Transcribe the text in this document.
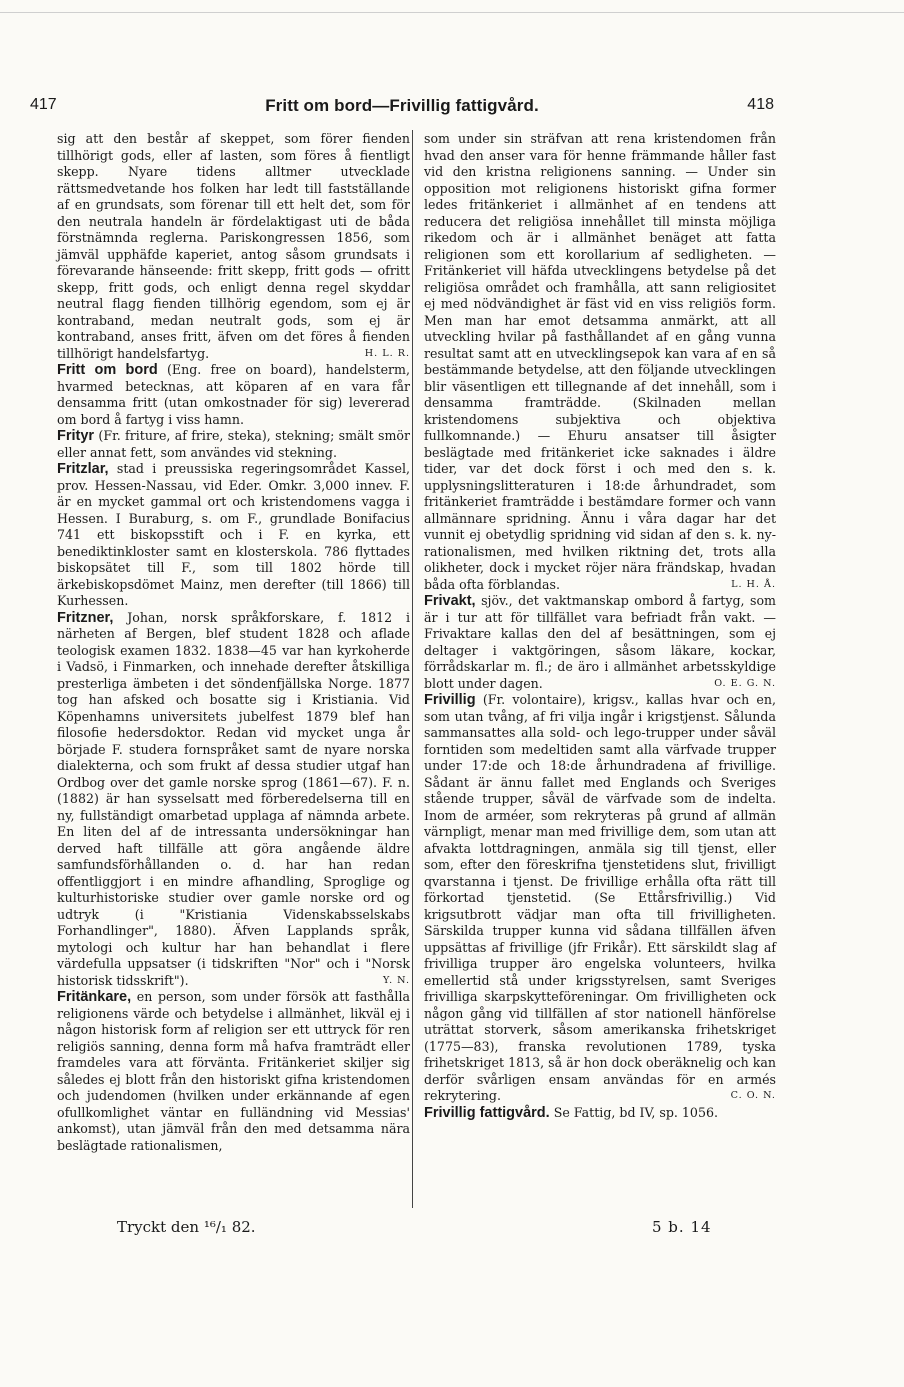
417	Fritt om bord—Frivillig fattigvård.	418

sig att den består af skeppet, som förer fienden tillhörigt gods, eller af lasten, som föres å fientligt skepp. Nyare tidens alltmer utvecklade rättsmedvetande hos folken har ledt till fastställande af en grundsats, som förenar till ett helt det, som för den neutrala handeln är fördelaktigast uti de båda förstnämnda reglerna. Pariskongressen 1856, som jämväl upphäfde kaperiet, antog såsom grundsats i förevarande hänseende: fritt skepp, fritt gods — ofritt skepp, fritt gods, och enligt denna regel skyddar neutral flagg fienden tillhörig egendom, som ej är kontraband, medan neutralt gods, som ej är kontraband, anses fritt, äfven om det föres å fienden tillhörigt handelsfartyg.	H. L. R.

Fritt om bord (Eng. free on board), handelsterm, hvarmed betecknas, att köparen af en vara får densamma fritt (utan omkostnader för sig) levererad om bord å fartyg i viss hamn.

Frityr (Fr. friture, af frire, steka), stekning; smält smör eller annat fett, som användes vid stekning.

Fritzlar, stad i preussiska regeringsområdet Kassel, prov. Hessen-Nassau, vid Eder. Omkr. 3,000 innev. F. är en mycket gammal ort och kristendomens vagga i Hessen. I Buraburg, s. om F., grundlade Bonifacius 741 ett biskopsstift och i F. en kyrka, ett benediktinkloster samt en klosterskola. 786 flyttades biskopsätet till F., som till 1802 hörde till ärkebiskopsdömet Mainz, men derefter (till 1866) till Kurhessen.

Fritzner, Johan, norsk språkforskare, f. 1812 i närheten af Bergen, blef student 1828 och aflade teologisk examen 1832. 1838—45 var han kyrkoherde i Vadsö, i Finmarken, och innehade derefter åtskilliga presterliga ämbeten i det söndenfjällska Norge. 1877 tog han afsked och bosatte sig i Kristiania. Vid Köpenhamns universitets jubelfest 1879 blef han filosofie hedersdoktor. Redan vid mycket unga år började F. studera fornspråket samt de nyare norska dialekterna, och som frukt af dessa studier utgaf han Ordbog over det gamle norske sprog (1861—67). F. n. (1882) är han sysselsatt med förberedelserna till en ny, fullständigt omarbetad upplaga af nämnda arbete. En liten del af de intressanta undersökningar han derved haft tillfälle att göra angående äldre samfundsförhållanden o. d. har han redan offentliggjort i en mindre afhandling, Sproglige og kulturhistoriske studier over gamle norske ord og udtryk (i "Kristiania Videnskabsselskabs Forhandlinger", 1880). Äfven Lapplands språk, mytologi och kultur har han behandlat i flere värdefulla uppsatser (i tidskriften "Nor" och i "Norsk historisk tidsskrift").	Y. N.

Fritänkare, en person, som under försök att fasthålla religionens värde och betydelse i allmänhet, likväl ej i någon historisk form af religion ser ett uttryck för ren religiös sanning, denna form må hafva framträdt eller framdeles vara att förvänta. Fritänkeriet skiljer sig således ej blott från den historiskt gifna kristendomen och judendomen (hvilken under erkännande af egen ofullkomlighet väntar en fulländning vid Messias' ankomst), utan jämväl från den med detsamma nära beslägtade rationalismen,

som under sin sträfvan att rena kristendomen från hvad den anser vara för henne främmande håller fast vid den kristna religionens sanning. — Under sin opposition mot religionens historiskt gifna former ledes fritänkeriet i allmänhet af en tendens att reducera det religiösa innehållet till minsta möjliga rikedom och är i allmänhet benäget att fatta religionen som ett korollarium af sedligheten. — Fritänkeriet vill häfda utvecklingens betydelse på det religiösa området och framhålla, att sann religiositet ej med nödvändighet är fäst vid en viss religiös form. Men man har emot detsamma anmärkt, att all utveckling hvilar på fasthållandet af en gång vunna resultat samt att en utvecklingsepok kan vara af en så bestämmande betydelse, att den följande utvecklingen blir väsentligen ett tillegnande af det innehåll, som i densamma framträdde. (Skilnaden mellan kristendomens subjektiva och objektiva fullkomnande.) — Ehuru ansatser till åsigter beslägtade med fritänkeriet icke saknades i äldre tider, var det dock först i och med den s. k. upplysningslitteraturen i 18:de århundradet, som fritänkeriet framträdde i bestämdare former och vann allmännare spridning. Ännu i våra dagar har det vunnit ej obetydlig spridning vid sidan af den s. k. ny-rationalismen, med hvilken riktning det, trots alla olikheter, dock i mycket röjer nära frändskap, hvadan båda ofta förblandas.	L. H. Å.

Frivakt, sjöv., det vaktmanskap ombord å fartyg, som är i tur att för tillfället vara befriadt från vakt. — Frivaktare kallas den del af besättningen, som ej deltager i vaktgöringen, såsom läkare, kockar, förrådskarlar m. fl.; de äro i allmänhet arbetsskyldige blott under dagen.	O. E. G. N.

Frivillig (Fr. volontaire), krigsv., kallas hvar och en, som utan tvång, af fri vilja ingår i krigstjenst. Sålunda sammansattes alla sold- och lego-trupper under såväl forntiden som medeltiden samt alla värfvade trupper under 17:de och 18:de århundradena af frivillige. Sådant är ännu fallet med Englands och Sveriges stående trupper, såväl de värfvade som de indelta. Inom de arméer, som rekryteras på grund af allmän värnpligt, menar man med frivillige dem, som utan att afvakta lottdragningen, anmäla sig till tjenst, eller som, efter den föreskrifna tjenstetidens slut, frivilligt qvarstanna i tjenst. De frivillige erhålla ofta rätt till förkortad tjenstetid. (Se Ettårsfrivillig.) Vid krigsutbrott vädjar man ofta till frivilligheten. Särskilda trupper kunna vid sådana tillfällen äfven uppsättas af frivillige (jfr Frikår). Ett särskildt slag af frivilliga trupper äro engelska volunteers, hvilka emellertid stå under krigsstyrelsen, samt Sveriges frivilliga skarpskytteföreningar. Om frivilligheten ock någon gång vid tillfällen af stor nationell hänförelse uträttat storverk, såsom amerikanska frihetskriget (1775—83), franska revolutionen 1789, tyska frihetskriget 1813, så är hon dock oberäknelig och kan derför svårligen ensam användas för en armés rekrytering.	C. O. N.

Frivillig fattigvård. Se Fattig, bd IV, sp. 1056.

Tryckt den ¹⁶/₁ 82.	5 b. 14
